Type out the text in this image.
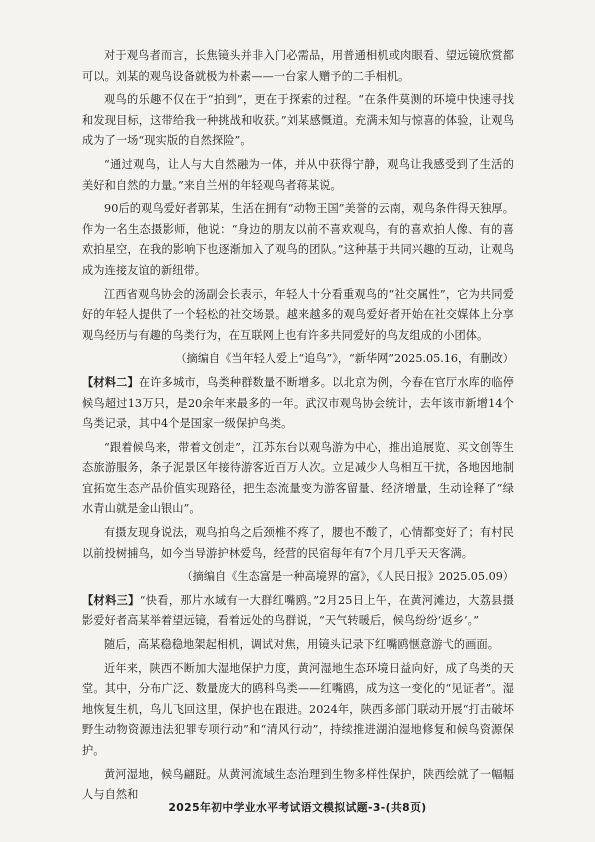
对于观鸟者而言，长焦镜头并非入门必需品，用普通相机或肉眼看、望远镜欣赏都可以。刘某的观鸟设备就极为朴素——一台家人赠予的二手相机。

观鸟的乐趣不仅在于“拍到”，更在于探索的过程。“在条件莫测的环境中快速寻找和发现目标，这带给我一种挑战和收获。”刘某感慨道。充满未知与惊喜的体验，让观鸟成为了一场“现实版的自然探险”。

“通过观鸟，让人与大自然融为一体，并从中获得宁静，观鸟让我感受到了生活的美好和自然的力量。”来自兰州的年轻观鸟者蒋某说。

90后的观鸟爱好者郭某，生活在拥有“动物王国”美誉的云南，观鸟条件得天独厚。作为一名生态摄影师，他说：“身边的朋友以前不喜欢观鸟，有的喜欢拍人像、有的喜欢拍星空，在我的影响下也逐渐加入了观鸟的团队。”这种基于共同兴趣的互动，让观鸟成为连接友谊的新纽带。

江西省观鸟协会的汤副会长表示，年轻人十分看重观鸟的“社交属性”，它为共同爱好的年轻人提供了一个轻松的社交场景。越来越多的观鸟爱好者开始在社交媒体上分享观鸟经历与有趣的鸟类行为，在互联网上也有许多共同爱好的鸟友组成的小团体。

（摘编自《当年轻人爱上“追鸟”》，“新华网”2025.05.16，有删改）

【材料二】在许多城市，鸟类种群数量不断增多。以北京为例，今春在官厅水库的临停候鸟超过13万只，是20余年来最多的一年。武汉市观鸟协会统计，去年该市新增14个鸟类记录，其中4个是国家一级保护鸟类。

“跟着候鸟来，带着文创走”，江苏东台以观鸟游为中心，推出追展览、买文创等生态旅游服务，条子泥景区年接待游客近百万人次。立足减少人鸟相互干扰，各地因地制宜拓宽生态产品价值实现路径，把生态流量变为游客留量、经济增量，生动诠释了“绿水青山就是金山银山”。

有摄友现身说法，观鸟拍鸟之后颈椎不疼了，腰也不酸了，心情都变好了；有村民以前投树捕鸟，如今当导游护林爱鸟，经营的民宿每年有7个月几乎天天客满。

（摘编自《生态富是一种高境界的富》，《人民日报》2025.05.09）

【材料三】“快看，那片水域有一大群红嘴鸥。”2月25日上午，在黄河滩边，大荔县摄影爱好者高某举着望远镜，看着远处的鸟群说，“天气转暖后，候鸟纷纷‘返乡’。”

随后，高某稳稳地架起相机，调试对焦，用镜头记录下红嘴鸥惬意游弋的画面。

近年来，陕西不断加大湿地保护力度，黄河湿地生态环境日益向好，成了鸟类的天堂。其中，分布广泛、数量庞大的鸥科鸟类——红嘴鸥，成为这一变化的“见证者”。湿地恢复生机，鸟儿飞回这里，保护也在跟进。2024年，陕西多部门联动开展“打击破坏野生动物资源违法犯罪专项行动”和“清风行动”，持续推进湖泊湿地修复和候鸟资源保护。

黄河湿地，候鸟翩跹。从黄河流域生态治理到生物多样性保护，陕西绘就了一幅幅人与自然和

2025年初中学业水平考试语文模拟试题-3-(共8页)
